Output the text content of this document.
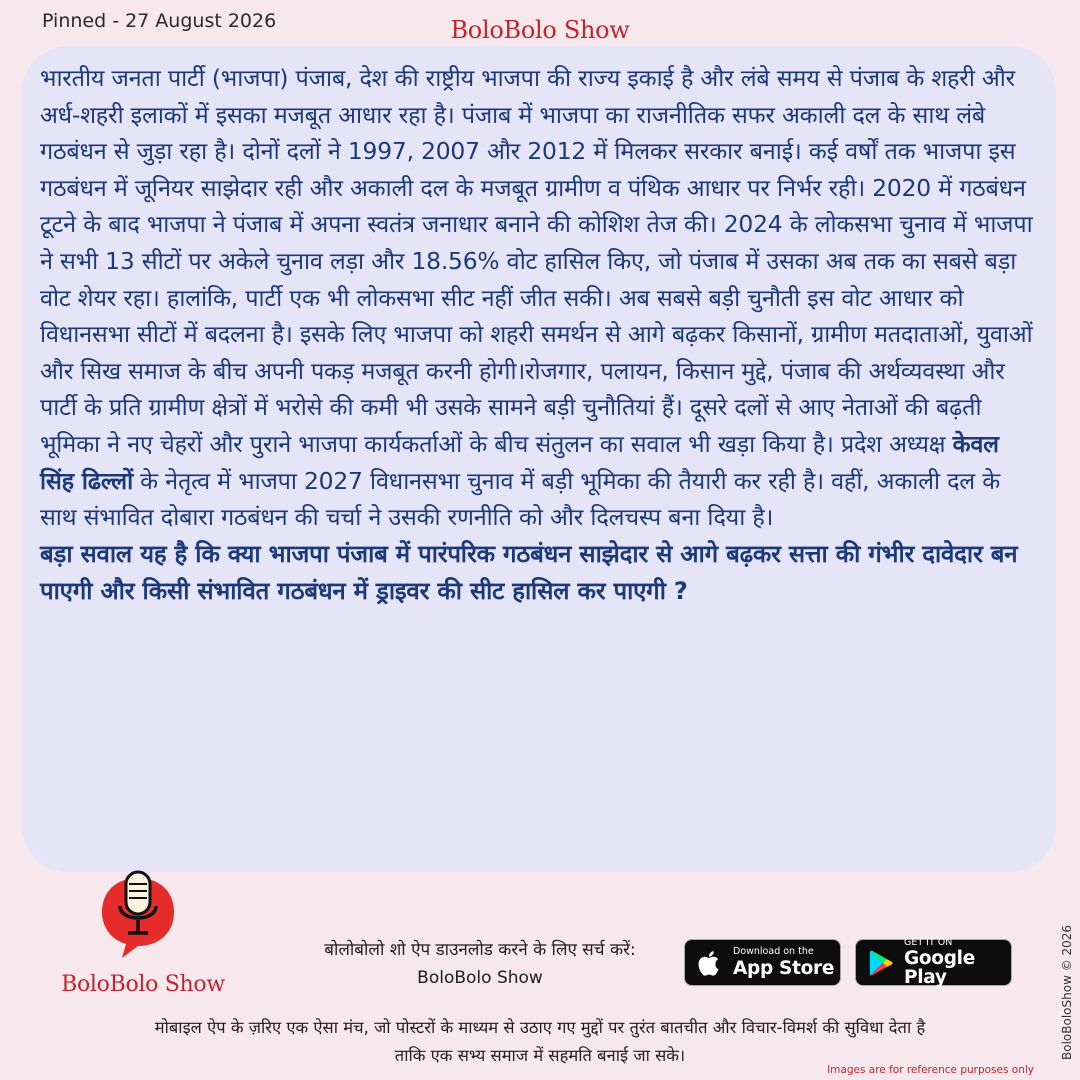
Pinned - 27 August 2026	BoloBolo Show

भारतीय जनता पार्टी (भाजपा) पंजाब, देश की राष्ट्रीय भाजपा की राज्य इकाई है और लंबे समय से पंजाब के शहरी और अर्ध-शहरी इलाकों में इसका मजबूत आधार रहा है। पंजाब में भाजपा का राजनीतिक सफर अकाली दल के साथ लंबे गठबंधन से जुड़ा रहा है। दोनों दलों ने 1997, 2007 और 2012 में मिलकर सरकार बनाई। कई वर्षों तक भाजपा इस गठबंधन में जूनियर साझेदार रही और अकाली दल के मजबूत ग्रामीण व पंथिक आधार पर निर्भर रही। 2020 में गठबंधन टूटने के बाद भाजपा ने पंजाब में अपना स्वतंत्र जनाधार बनाने की कोशिश तेज की। 2024 के लोकसभा चुनाव में भाजपा ने सभी 13 सीटों पर अकेले चुनाव लड़ा और 18.56% वोट हासिल किए, जो पंजाब में उसका अब तक का सबसे बड़ा वोट शेयर रहा। हालांकि, पार्टी एक भी लोकसभा सीट नहीं जीत सकी। अब सबसे बड़ी चुनौती इस वोट आधार को विधानसभा सीटों में बदलना है। इसके लिए भाजपा को शहरी समर्थन से आगे बढ़कर किसानों, ग्रामीण मतदाताओं, युवाओं और सिख समाज के बीच अपनी पकड़ मजबूत करनी होगी।रोजगार, पलायन, किसान मुद्दे, पंजाब की अर्थव्यवस्था और पार्टी के प्रति ग्रामीण क्षेत्रों में भरोसे की कमी भी उसके सामने बड़ी चुनौतियां हैं। दूसरे दलों से आए नेताओं की बढ़ती भूमिका ने नए चेहरों और पुराने भाजपा कार्यकर्ताओं के बीच संतुलन का सवाल भी खड़ा किया है। प्रदेश अध्यक्ष केवल सिंह ढिल्लों के नेतृत्व में भाजपा 2027 विधानसभा चुनाव में बड़ी भूमिका की तैयारी कर रही है। वहीं, अकाली दल के साथ संभावित दोबारा गठबंधन की चर्चा ने उसकी रणनीति को और दिलचस्प बना दिया है।

बड़ा सवाल यह है कि क्या भाजपा पंजाब में पारंपरिक गठबंधन साझेदार से आगे बढ़कर सत्ता की गंभीर दावेदार बन पाएगी और किसी संभावित गठबंधन में ड्राइवर की सीट हासिल कर पाएगी ?

BoloBolo Show
बोलोबोलो शो ऐप डाउनलोड करने के लिए सर्च करें:
BoloBolo Show
Download on the
App Store
GET IT ON
Google Play
मोबाइल ऐप के ज़रिए एक ऐसा मंच, जो पोस्टरों के माध्यम से उठाए गए मुद्दों पर तुरंत बातचीत और विचार-विमर्श की सुविधा देता है
ताकि एक सभ्य समाज में सहमति बनाई जा सके।	BoloBoloShow © 2026
Images are for reference purposes only
